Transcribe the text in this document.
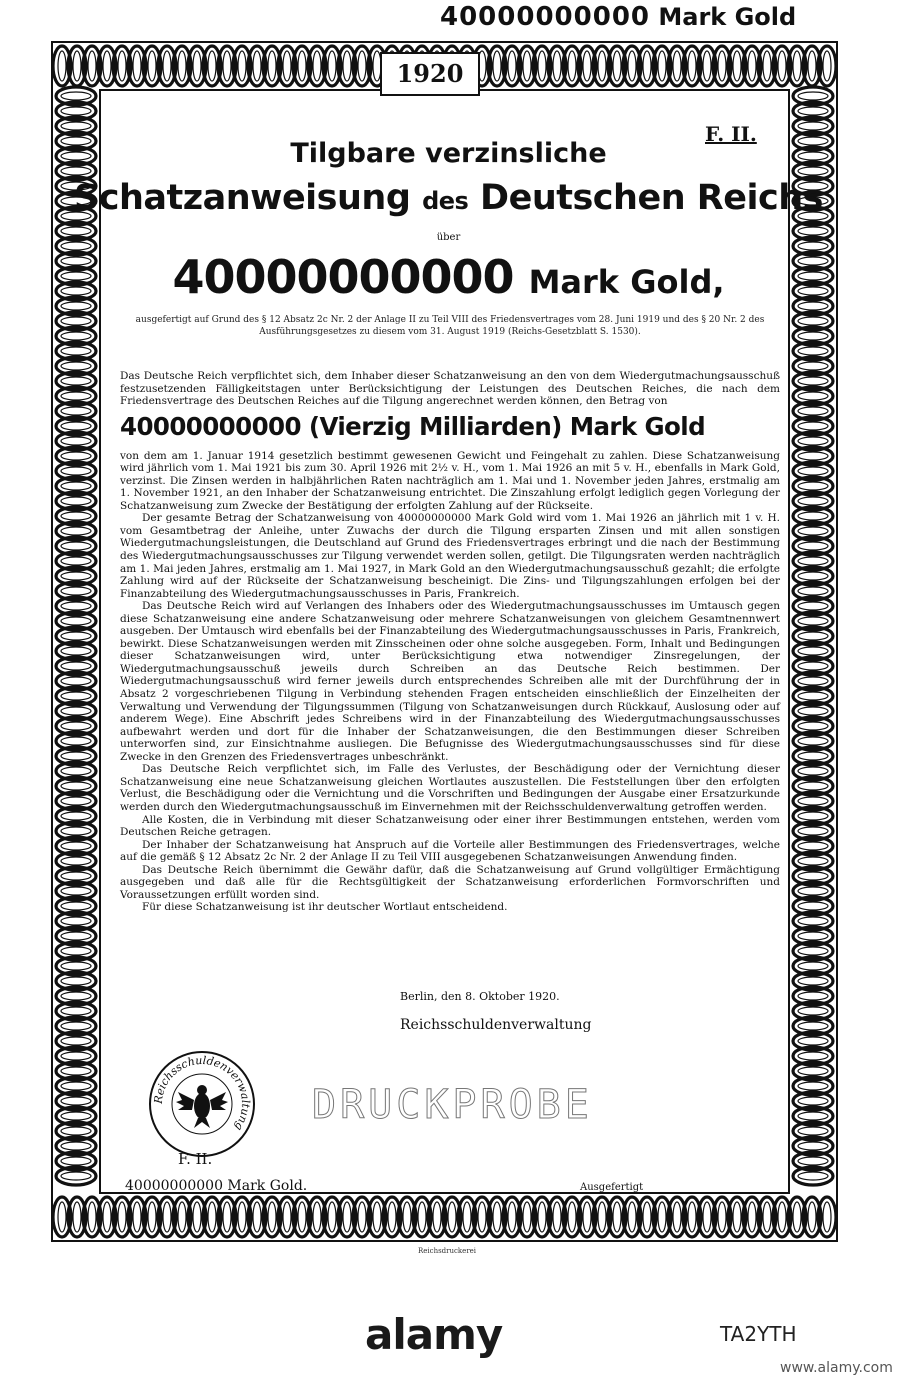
40000000000 Mark Gold
1920
F. II.
Tilgbare verzinsliche
Schatzanweisung des Deutschen Reichs
über
40000000000 Mark Gold,
ausgefertigt auf Grund des § 12 Absatz 2c Nr. 2 der Anlage II zu Teil VIII des Friedensvertrages vom 28. Juni 1919 und des § 20 Nr. 2 des Ausführungsgesetzes zu diesem vom 31. August 1919 (Reichs-Gesetzblatt S. 1530).

Das Deutsche Reich verpflichtet sich, dem Inhaber dieser Schatzanweisung an den von dem Wiedergutmachungsausschuß festzusetzenden Fälligkeitstagen unter Berücksichtigung der Leistungen des Deutschen Reiches, die nach dem Friedensvertrage des Deutschen Reiches auf die Tilgung angerechnet werden können, den Betrag von

40000000000 (Vierzig Milliarden) Mark Gold

von dem am 1. Januar 1914 gesetzlich bestimmt gewesenen Gewicht und Feingehalt zu zahlen. Diese Schatzanweisung wird jährlich vom 1. Mai 1921 bis zum 30. April 1926 mit 2½ v. H., vom 1. Mai 1926 an mit 5 v. H., ebenfalls in Mark Gold, verzinst. Die Zinsen werden in halbjährlichen Raten nachträglich am 1. Mai und 1. November jeden Jahres, erstmalig am 1. November 1921, an den Inhaber der Schatzanweisung entrichtet. Die Zinszahlung erfolgt lediglich gegen Vorlegung der Schatzanweisung zum Zwecke der Bestätigung der erfolgten Zahlung auf der Rückseite.

Der gesamte Betrag der Schatzanweisung von 40000000000 Mark Gold wird vom 1. Mai 1926 an jährlich mit 1 v. H. vom Gesamtbetrag der Anleihe, unter Zuwachs der durch die Tilgung ersparten Zinsen und mit allen sonstigen Wiedergutmachungsleistungen, die Deutschland auf Grund des Friedensvertrages erbringt und die nach der Bestimmung des Wiedergutmachungsausschusses zur Tilgung verwendet werden sollen, getilgt. Die Tilgungsraten werden nachträglich am 1. Mai jeden Jahres, erstmalig am 1. Mai 1927, in Mark Gold an den Wiedergutmachungsausschuß gezahlt; die erfolgte Zahlung wird auf der Rückseite der Schatzanweisung bescheinigt. Die Zins- und Tilgungszahlungen erfolgen bei der Finanzabteilung des Wiedergutmachungsausschusses in Paris, Frankreich.

Das Deutsche Reich wird auf Verlangen des Inhabers oder des Wiedergutmachungsausschusses im Umtausch gegen diese Schatzanweisung eine andere Schatzanweisung oder mehrere Schatzanweisungen von gleichem Gesamtnennwert ausgeben. Der Umtausch wird ebenfalls bei der Finanzabteilung des Wiedergutmachungsausschusses in Paris, Frankreich, bewirkt. Diese Schatzanweisungen werden mit Zinsscheinen oder ohne solche ausgegeben. Form, Inhalt und Bedingungen dieser Schatzanweisungen wird, unter Berücksichtigung etwa notwendiger Zinsregelungen, der Wiedergutmachungsausschuß jeweils durch Schreiben an das Deutsche Reich bestimmen. Der Wiedergutmachungsausschuß wird ferner jeweils durch entsprechendes Schreiben alle mit der Durchführung der in Absatz 2 vorgeschriebenen Tilgung in Verbindung stehenden Fragen entscheiden einschließlich der Einzelheiten der Verwaltung und Verwendung der Tilgungssummen (Tilgung von Schatzanweisungen durch Rückkauf, Auslosung oder auf anderem Wege). Eine Abschrift jedes Schreibens wird in der Finanzabteilung des Wiedergutmachungsausschusses aufbewahrt werden und dort für die Inhaber der Schatzanweisungen, die den Bestimmungen dieser Schreiben unterworfen sind, zur Einsichtnahme ausliegen. Die Befugnisse des Wiedergutmachungsausschusses sind für diese Zwecke in den Grenzen des Friedensvertrages unbeschränkt.

Das Deutsche Reich verpflichtet sich, im Falle des Verlustes, der Beschädigung oder der Vernichtung dieser Schatzanweisung eine neue Schatzanweisung gleichen Wortlautes auszustellen. Die Feststellungen über den erfolgten Verlust, die Beschädigung oder die Vernichtung und die Vorschriften und Bedingungen der Ausgabe einer Ersatzurkunde werden durch den Wiedergutmachungsausschuß im Einvernehmen mit der Reichsschuldenverwaltung getroffen werden.

Alle Kosten, die in Verbindung mit dieser Schatzanweisung oder einer ihrer Bestimmungen entstehen, werden vom Deutschen Reiche getragen.

Der Inhaber der Schatzanweisung hat Anspruch auf die Vorteile aller Bestimmungen des Friedensvertrages, welche auf die gemäß § 12 Absatz 2c Nr. 2 der Anlage II zu Teil VIII ausgegebenen Schatzanweisungen Anwendung finden.

Das Deutsche Reich übernimmt die Gewähr dafür, daß die Schatzanweisung auf Grund vollgültiger Ermächtigung ausgegeben und daß alle für die Rechtsgültigkeit der Schatzanweisung erforderlichen Formvorschriften und Voraussetzungen erfüllt worden sind.

Für diese Schatzanweisung ist ihr deutscher Wortlaut entscheidend.

Berlin, den 8. Oktober 1920.
Reichsschuldenverwaltung
Reichsschuldenverwaltung DRUCKPROBE
F. II.
40000000000 Mark Gold.	Ausgefertigt
Reichsdruckerei
alamy	TA2YTH
www.alamy.com
